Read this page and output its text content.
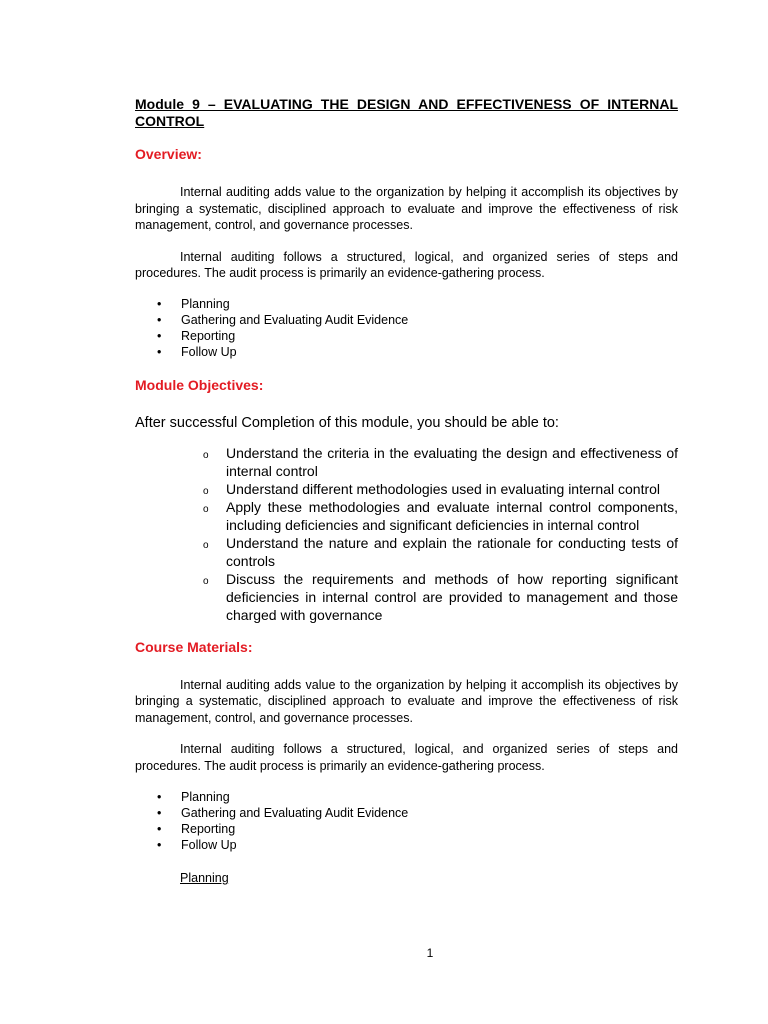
Module 9 – EVALUATING THE DESIGN AND EFFECTIVENESS OF INTERNAL CONTROL
Overview:

Internal auditing adds value to the organization by helping it accomplish its objectives by bringing a systematic, disciplined approach to evaluate and improve the effectiveness of risk management, control, and governance processes.

Internal auditing follows a structured, logical, and organized series of steps and procedures. The audit process is primarily an evidence-gathering process.

• Planning
• Gathering and Evaluating Audit Evidence
• Reporting
• Follow Up
Module Objectives:

After successful Completion of this module, you should be able to:

o Understand the criteria in the evaluating the design and effectiveness of internal control
o Understand different methodologies used in evaluating internal control
o Apply these methodologies and evaluate internal control components, including deficiencies and significant deficiencies in internal control
o Understand the nature and explain the rationale for conducting tests of controls
o Discuss the requirements and methods of how reporting significant deficiencies in internal control are provided to management and those charged with governance
Course Materials:

Internal auditing adds value to the organization by helping it accomplish its objectives by bringing a systematic, disciplined approach to evaluate and improve the effectiveness of risk management, control, and governance processes.

Internal auditing follows a structured, logical, and organized series of steps and procedures. The audit process is primarily an evidence-gathering process.

• Planning
• Gathering and Evaluating Audit Evidence
• Reporting
• Follow Up

Planning

1
